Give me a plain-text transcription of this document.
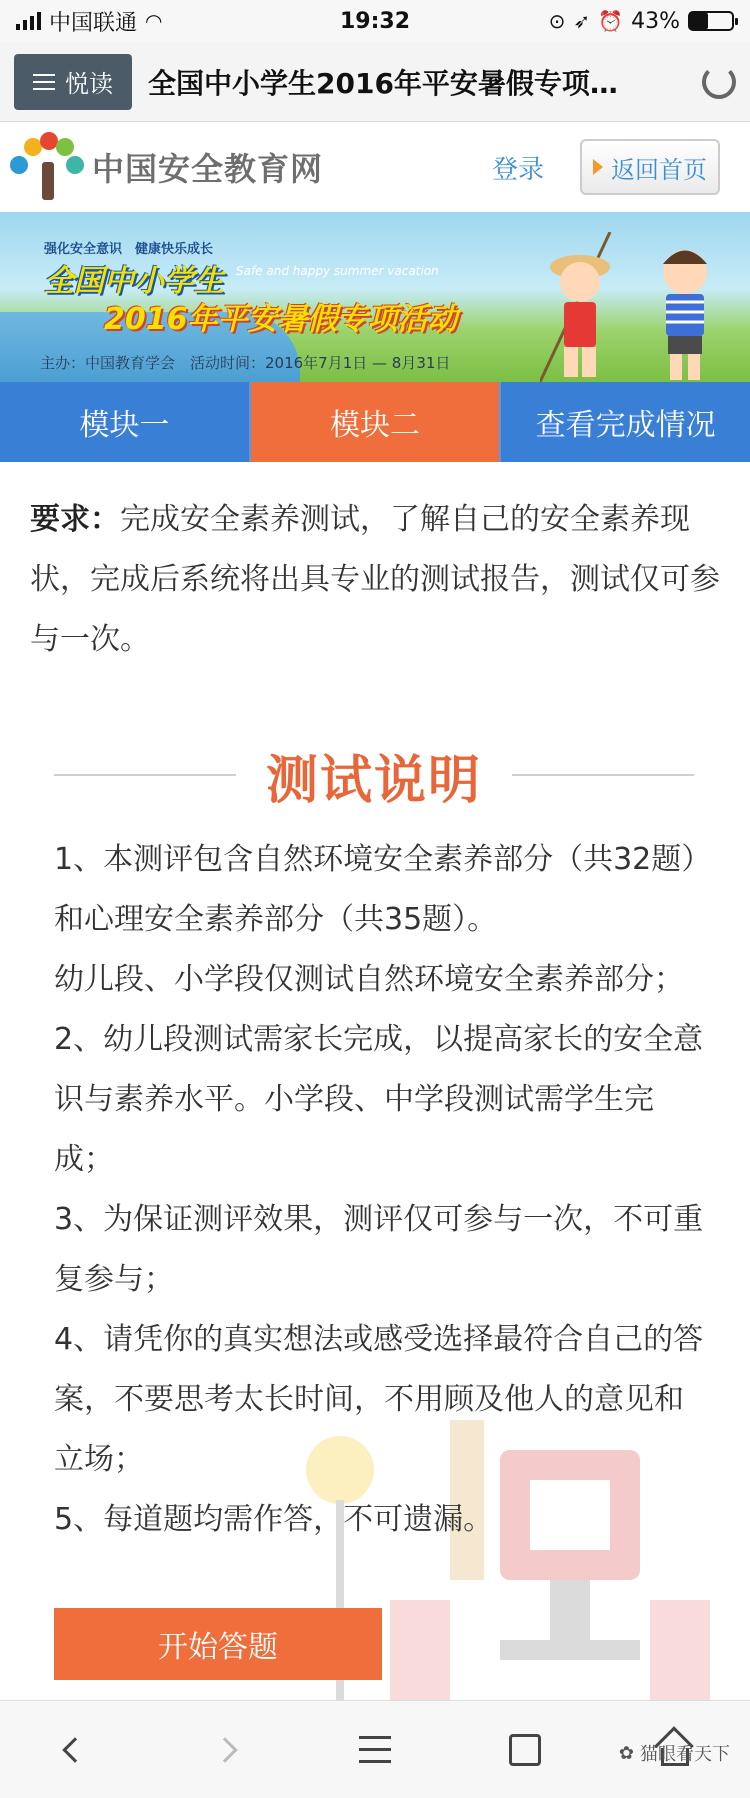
中国联通 ◠	19:32	⊙ ➶ ⏰ 43%
悦读 全国中小学生2016年平安暑假专项…
中国安全教育网	登录	返回首页
强化安全意识　健康快乐成长
全国中小学生 Safe and happy summer vacation
2016年平安暑假专项活动
主办：中国教育学会　活动时间：2016年7月1日 — 8月31日
模块一	模块二	查看完成情况
要求：完成安全素养测试，了解自己的安全素养现状，完成后系统将出具专业的测试报告，测试仅可参与一次。
测试说明

1、本测评包含自然环境安全素养部分（共32题）和心理安全素养部分（共35题）。

幼儿段、小学段仅测试自然环境安全素养部分；

2、幼儿段测试需家长完成，以提高家长的安全意识与素养水平。小学段、中学段测试需学生完成；

3、为保证测评效果，测评仅可参与一次，不可重复参与；

4、请凭你的真实想法或感受选择最符合自己的答案，不要思考太长时间，不用顾及他人的意见和立场；

5、每道题均需作答，不可遗漏。

开始答题
✿ 猫眼看天下
